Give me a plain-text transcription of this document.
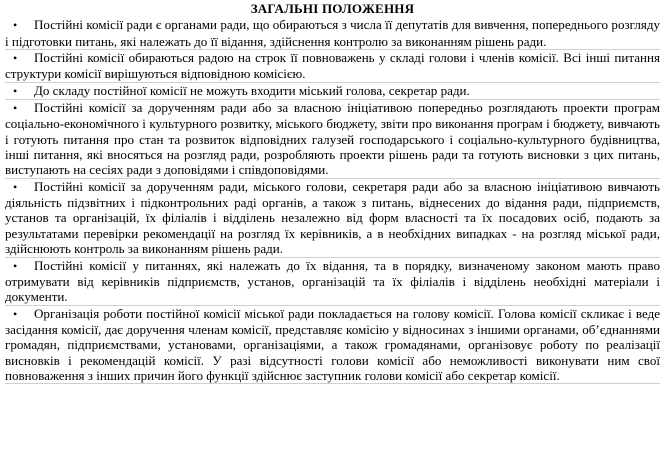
ЗАГАЛЬНІ ПОЛОЖЕННЯ

• Постійні комісії ради є органами ради, що обираються з числа її депутатів для вивчення, попереднього розгляду і підготовки питань, які належать до її відання, здійснення контролю за виконанням рішень ради.

• Постійні комісії обираються радою на строк її повноважень у складі голови і членів комісії. Всі інші питання структури комісії вирішуються відповідною комісією.

• До складу постійної комісії не можуть входити міський голова, секретар ради.

• Постійні комісії за дорученням ради або за власною ініціативою попередньо розглядають проекти програм соціально-економічного і культурного розвитку, міського бюджету, звіти про виконання програм і бюджету, вивчають і готують питання про стан та розвиток відповідних галузей господарського і соціально-культурного будівництва, інші питання, які вносяться на розгляд ради, розробляють проекти рішень ради та готують висновки з цих питань, виступають на сесіях ради з доповідями і співдоповідями.

• Постійні комісії за дорученням ради, міського голови, секретаря ради або за власною ініціативою вивчають діяльність підзвітних і підконтрольних раді органів, а також з питань, віднесених до відання ради, підприємств, установ та організацій, їх філіалів і відділень незалежно від форм власності та їх посадових осіб, подають за результатами перевірки рекомендації на розгляд їх керівників, а в необхідних випадках - на розгляд міської ради, здійснюють контроль за виконанням рішень ради.

• Постійні комісії у питаннях, які належать до їх відання, та в порядку, визначеному законом мають право отримувати від керівників підприємств, установ, організацій та їх філіалів і відділень необхідні матеріали і документи.

• Організація роботи постійної комісії міської ради покладається на голову комісії. Голова комісії скликає і веде засідання комісії, дає доручення членам комісії, представляє комісію у відносинах з іншими органами, об’єднаннями громадян, підприємствами, установами, організаціями, а також громадянами, організовує роботу по реалізації висновків і рекомендацій комісії. У разі відсутності голови комісії або неможливості виконувати ним свої повноваження з інших причин його функції здійснює заступник голови комісії або секретар комісії.
